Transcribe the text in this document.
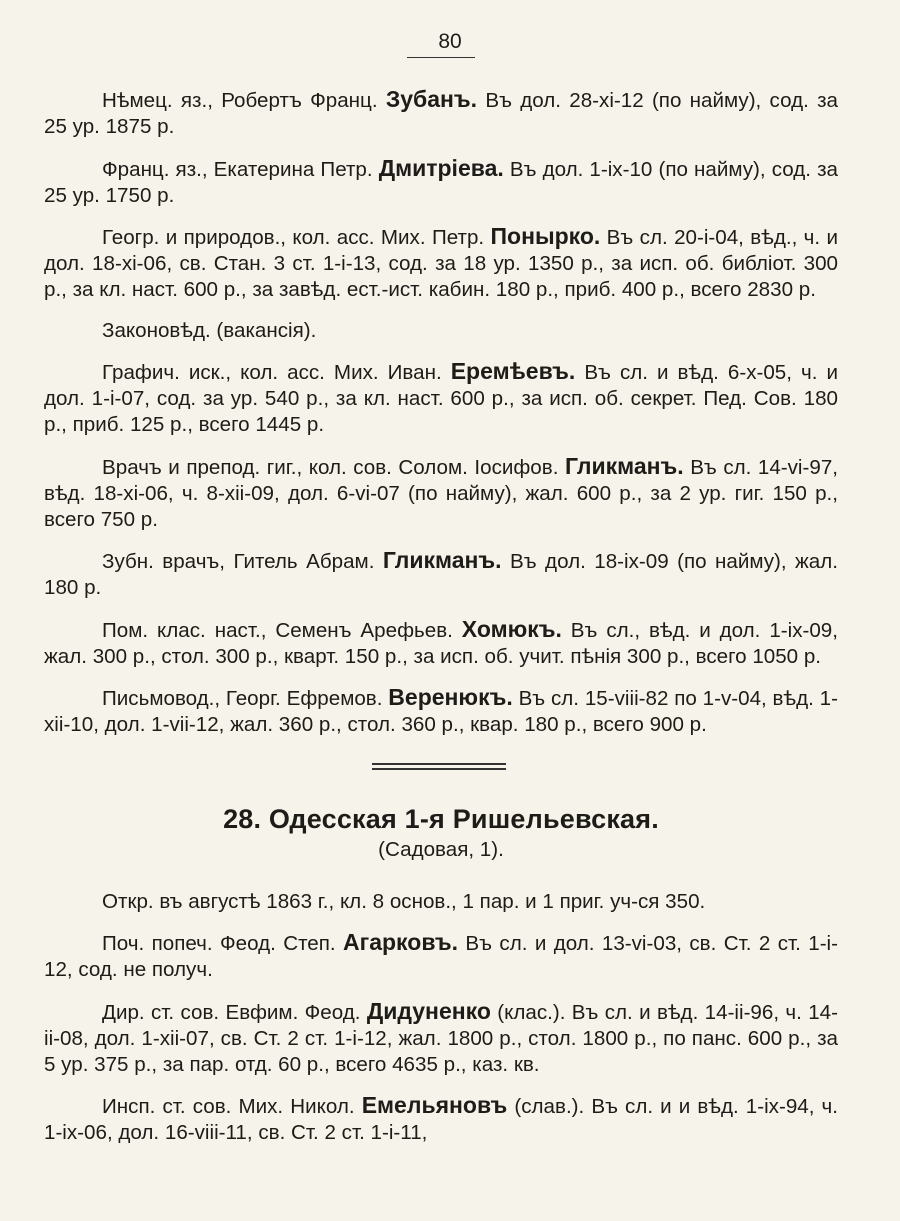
80

Нѣмец. яз., Робертъ Франц. Зубанъ. Въ дол. 28-xi-12 (по найму), сод. за 25 ур. 1875 р.

Франц. яз., Екатерина Петр. Дмитріева. Въ дол. 1-ix-10 (по найму), сод. за 25 ур. 1750 р.

Геогр. и природов., кол. асс. Мих. Петр. Понырко. Въ сл. 20-i-04, вѣд., ч. и дол. 18-xi-06, св. Стан. 3 ст. 1-i-13, сод. за 18 ур. 1350 р., за исп. об. библіот. 300 р., за кл. наст. 600 р., за завѣд. ест.-ист. кабин. 180 р., приб. 400 р., всего 2830 р.

Законовѣд. (вакансія).

Графич. иск., кол. асс. Мих. Иван. Еремѣевъ. Въ сл. и вѣд. 6-x-05, ч. и дол. 1-i-07, сод. за ур. 540 р., за кл. наст. 600 р., за исп. об. секрет. Пед. Сов. 180 р., приб. 125 р., всего 1445 р.

Врачъ и препод. гиг., кол. сов. Солом. Іосифов. Гликманъ. Въ сл. 14-vi-97, вѣд. 18-xi-06, ч. 8-xii-09, дол. 6-vi-07 (по найму), жал. 600 р., за 2 ур. гиг. 150 р., всего 750 р.

Зубн. врачъ, Гитель Абрам. Гликманъ. Въ дол. 18-ix-09 (по найму), жал. 180 р.

Пом. клас. наст., Семенъ Арефьев. Хомюкъ. Въ сл., вѣд. и дол. 1-ix-09, жал. 300 р., стол. 300 р., кварт. 150 р., за исп. об. учит. пѣнія 300 р., всего 1050 р.

Письмовод., Георг. Ефремов. Веренюкъ. Въ сл. 15-viii-82 по 1-v-04, вѣд. 1-xii-10, дол. 1-vii-12, жал. 360 р., стол. 360 р., квар. 180 р., всего 900 р.

28. Одесская 1-я Ришельевская.
(Садовая, 1).

Откр. въ августѣ 1863 г., кл. 8 основ., 1 пар. и 1 приг. уч-ся 350.

Поч. попеч. Феод. Степ. Агарковъ. Въ сл. и дол. 13-vi-03, св. Ст. 2 ст. 1-i-12, сод. не получ.

Дир. ст. сов. Евфим. Феод. Дидуненко (клас.). Въ сл. и вѣд. 14-ii-96, ч. 14-ii-08, дол. 1-xii-07, св. Ст. 2 ст. 1-i-12, жал. 1800 р., стол. 1800 р., по панс. 600 р., за 5 ур. 375 р., за пар. отд. 60 р., всего 4635 р., каз. кв.

Инсп. ст. сов. Мих. Никол. Емельяновъ (слав.). Въ сл. и и вѣд. 1-ix-94, ч. 1-ix-06, дол. 16-viii-11, св. Ст. 2 ст. 1-i-11,
